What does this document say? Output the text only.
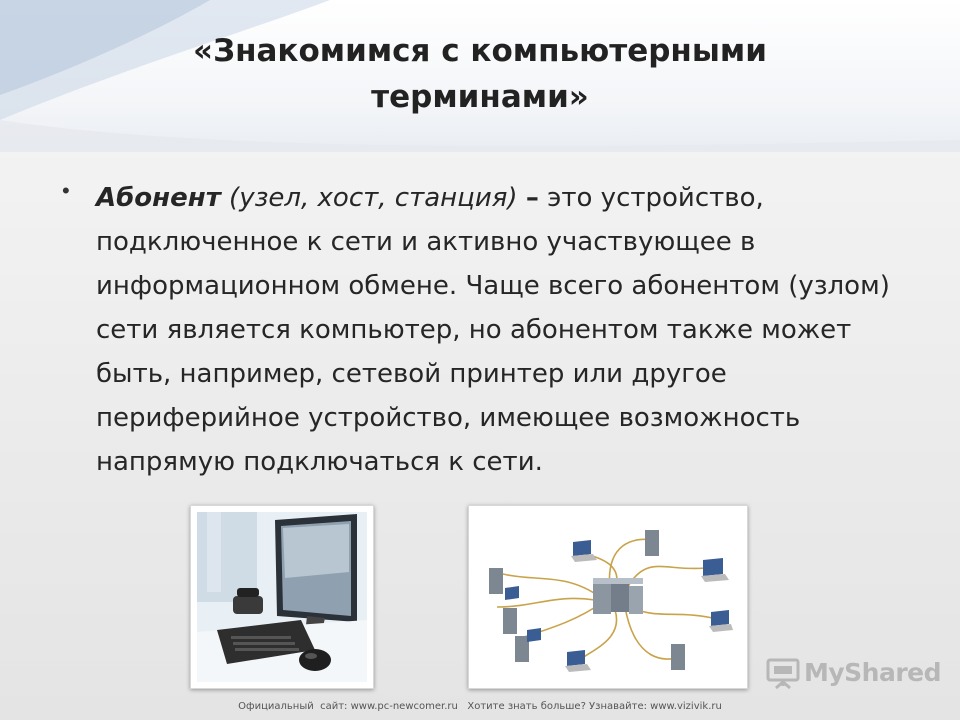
«Знакомимся с компьютерными
терминами»
• Абонент (узел, хост, станция) – это устройство, подключенное к сети и активно участвующее в информационном обмене. Чаще всего абонентом (узлом) сети является компьютер, но абонентом также может быть, например, сетевой принтер или другое периферийное устройство, имеющее возможность напрямую подключаться к сети.
MyShared
Официальный  сайт: www.pc-newcomer.ru   Хотите знать больше? Узнавайте: www.vizivik.ru
